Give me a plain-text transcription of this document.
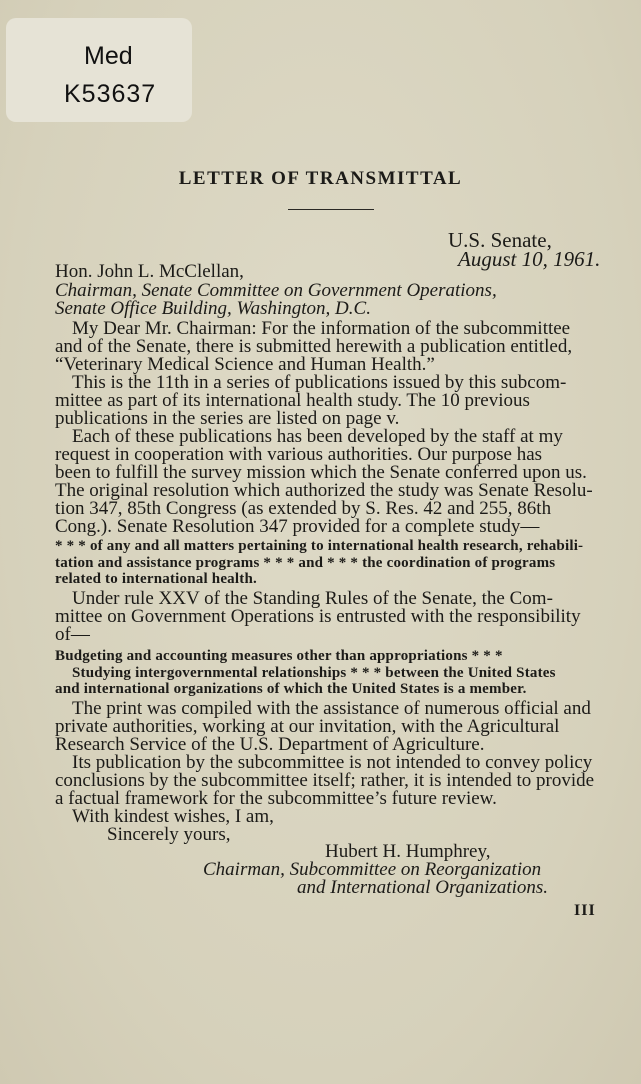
Med
K53637
LETTER OF TRANSMITTAL
U.S. Senate,
August 10, 1961.
Hon. John L. McClellan,
Chairman, Senate Committee on Government Operations,
Senate Office Building, Washington, D.C.
My Dear Mr. Chairman: For the information of the subcommittee
and of the Senate, there is submitted herewith a publication entitled,
“Veterinary Medical Science and Human Health.”
This is the 11th in a series of publications issued by this subcom-
mittee as part of its international health study. The 10 previous
publications in the series are listed on page v.
Each of these publications has been developed by the staff at my
request in cooperation with various authorities. Our purpose has
been to fulfill the survey mission which the Senate conferred upon us.
The original resolution which authorized the study was Senate Resolu-
tion 347, 85th Congress (as extended by S. Res. 42 and 255, 86th
Cong.). Senate Resolution 347 provided for a complete study—
* * * of any and all matters pertaining to international health research, rehabili-
tation and assistance programs * * * and * * * the coordination of programs
related to international health.
Under rule XXV of the Standing Rules of the Senate, the Com-
mittee on Government Operations is entrusted with the responsibility
of—
Budgeting and accounting measures other than appropriations * * *
Studying intergovernmental relationships * * * between the United States
and international organizations of which the United States is a member.
The print was compiled with the assistance of numerous official and
private authorities, working at our invitation, with the Agricultural
Research Service of the U.S. Department of Agriculture.
Its publication by the subcommittee is not intended to convey policy
conclusions by the subcommittee itself; rather, it is intended to provide
a factual framework for the subcommittee’s future review.
With kindest wishes, I am,
Sincerely yours,
Hubert H. Humphrey,
Chairman, Subcommittee on Reorganization
and International Organizations.
III
